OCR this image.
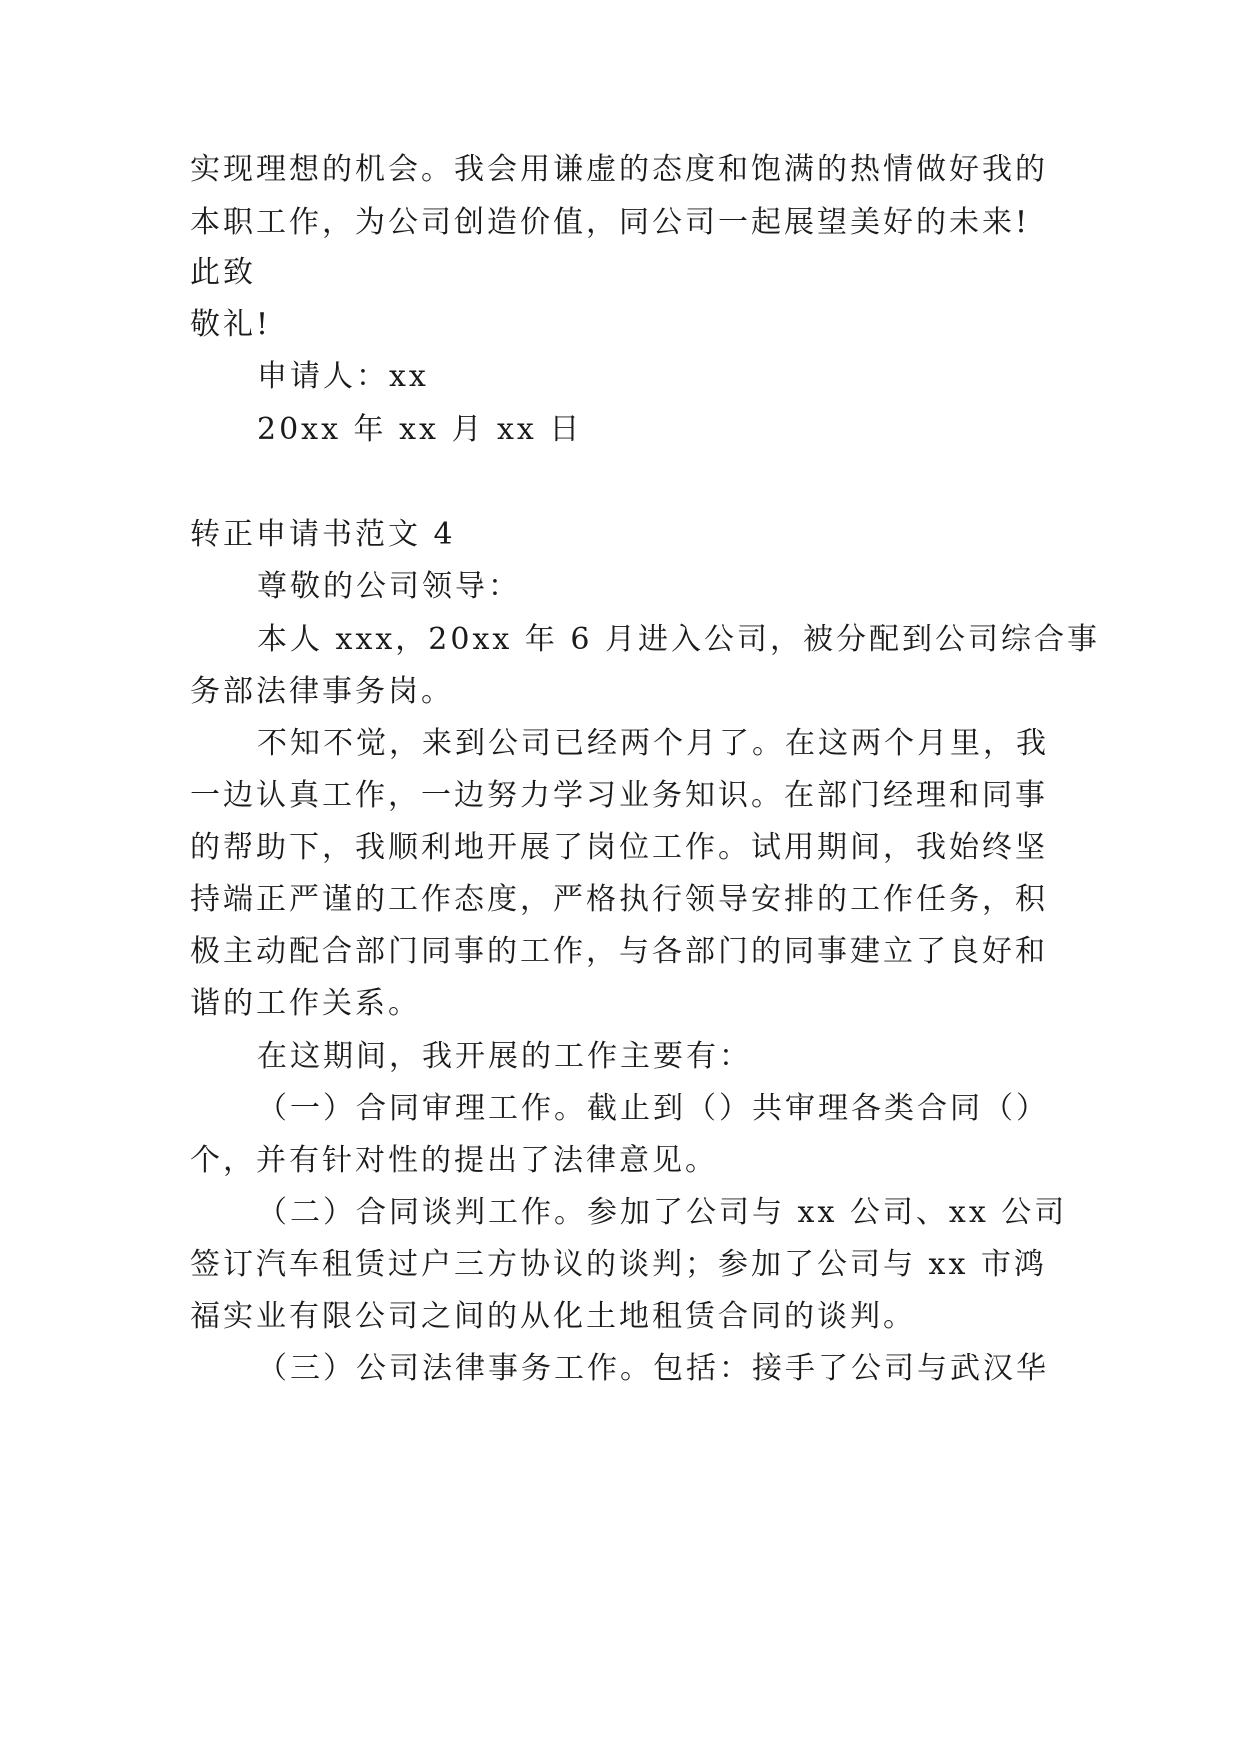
实现理想的机会。我会用谦虚的态度和饱满的热情做好我的
本职工作，为公司创造价值，同公司一起展望美好的未来!
此致
敬礼!
申请人：xx
20xx 年 xx 月 xx 日
转正申请书范文 4
尊敬的公司领导：
本人 xxx，20xx 年 6 月进入公司，被分配到公司综合事
务部法律事务岗。
不知不觉，来到公司已经两个月了。在这两个月里，我
一边认真工作，一边努力学习业务知识。在部门经理和同事
的帮助下，我顺利地开展了岗位工作。试用期间，我始终坚
持端正严谨的工作态度，严格执行领导安排的工作任务，积
极主动配合部门同事的工作，与各部门的同事建立了良好和
谐的工作关系。
在这期间，我开展的工作主要有：
（一）合同审理工作。截止到（）共审理各类合同（）
个，并有针对性的提出了法律意见。
（二）合同谈判工作。参加了公司与 xx 公司、xx 公司
签订汽车租赁过户三方协议的谈判；参加了公司与 xx 市鸿
福实业有限公司之间的从化土地租赁合同的谈判。
（三）公司法律事务工作。包括：接手了公司与武汉华
